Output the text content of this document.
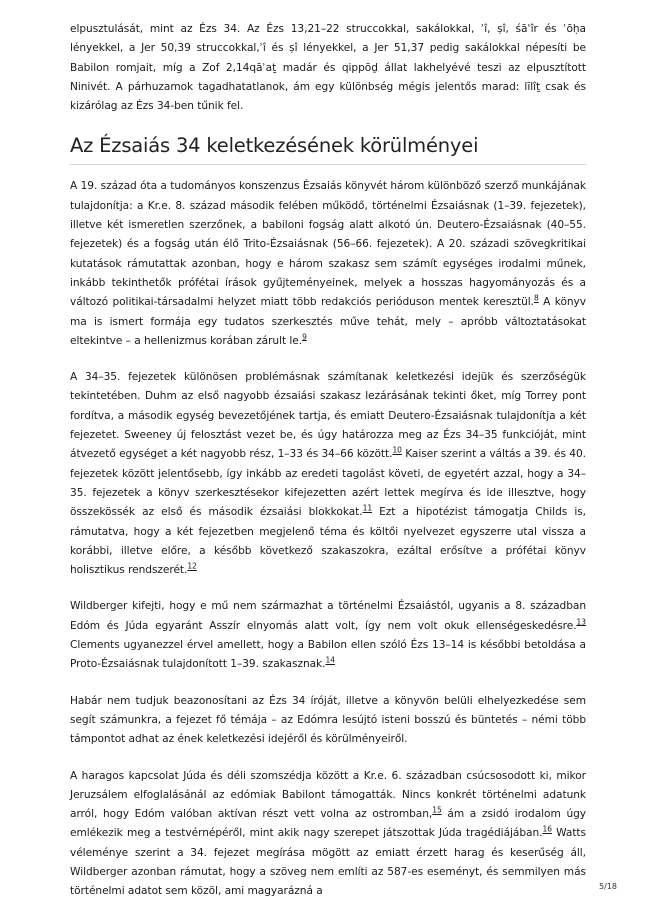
elpusztulását, mint az Ézs 34. Az Ézs 13,21–22 struccokkal, sakálokkal, ʾî, ṣî, śāʿîr és ʾōḥa lényekkel, a Jer 50,39 struccokkal,ʾî és ṣî lényekkel, a Jer 51,37 pedig sakálokkal népesíti be Babilon romjait, míg a Zof 2,14qāʾaṯ madár és qippōḏ állat lakhelyévé teszi az elpusztított Ninivét. A párhuzamok tagadhatatlanok, ám egy különbség mégis jelentős marad: līlîṯ csak és kizárólag az Ézs 34-ben tűnik fel.

Az Ézsaiás 34 keletkezésének körülményei

A 19. század óta a tudományos konszenzus Ézsaiás könyvét három különböző szerző munkájának tulajdonítja: a Kr.e. 8. század második felében működő, történelmi Ézsaiásnak (1–39. fejezetek), illetve két ismeretlen szerzőnek, a babiloni fogság alatt alkotó ún. Deutero-Ézsaiásnak (40–55. fejezetek) és a fogság után élő Trito-Ézsaiásnak (56–66. fejezetek). A 20. századi szövegkritikai kutatások rámutattak azonban, hogy e három szakasz sem számít egységes irodalmi műnek, inkább tekinthetők prófétai írások gyűjteményeinek, melyek a hosszas hagyományozás és a változó politikai-társadalmi helyzet miatt több redakciós perióduson mentek keresztül.$^8$ A könyv ma is ismert formája egy tudatos szerkesztés műve tehát, mely – apróbb változtatásokat eltekintve – a hellenizmus korában zárult le.$^9$

A 34–35. fejezetek különösen problémásnak számítanak keletkezési idejük és szerzőségük tekintetében. Duhm az első nagyobb ézsaiási szakasz lezárásának tekinti őket, míg Torrey pont fordítva, a második egység bevezetőjének tartja, és emiatt Deutero-Ézsaiásnak tulajdonítja a két fejezetet. Sweeney új felosztást vezet be, és úgy határozza meg az Ézs 34–35 funkcióját, mint átvezető egységet a két nagyobb rész, 1–33 és 34–66 között.$^{10}$ Kaiser szerint a váltás a 39. és 40. fejezetek között jelentősebb, így inkább az eredeti tagolást követi, de egyetért azzal, hogy a 34–35. fejezetek a könyv szerkesztésekor kifejezetten azért lettek megírva és ide illesztve, hogy összekössék az első és második ézsaiási blokkokat.$^{11}$ Ezt a hipotézist támogatja Childs is, rámutatva, hogy a két fejezetben megjelenő téma és költői nyelvezet egyszerre utal vissza a korábbi, illetve előre, a később következő szakaszokra, ezáltal erősítve a prófétai könyv holisztikus rendszerét.$^{12}$

Wildberger kifejti, hogy e mű nem származhat a történelmi Ézsaiástól, ugyanis a 8. században Edóm és Júda egyaránt Asszír elnyomás alatt volt, így nem volt okuk ellenségeskedésre.$^{13}$ Clements ugyanezzel érvel amellett, hogy a Babilon ellen szóló Ézs 13–14 is későbbi betoldása a Proto-Ézsaiásnak tulajdonított 1–39. szakasznak.$^{14}$

Habár nem tudjuk beazonosítani az Ézs 34 íróját, illetve a könyvön belüli elhelyezkedése sem segít számunkra, a fejezet fő témája – az Edómra lesújtó isteni bosszú és büntetés – némi több támpontot adhat az ének keletkezési idejéről és körülményeiről.

A haragos kapcsolat Júda és déli szomszédja között a Kr.e. 6. században csúcsosodott ki, mikor Jeruzsálem elfoglalásánál az edómiak Babilont támogatták. Nincs konkrét történelmi adatunk arról, hogy Edóm valóban aktívan részt vett volna az ostromban,$^{15}$ ám a zsidó irodalom úgy emlékezik meg a testvérnépéről, mint akik nagy szerepet játszottak Júda tragédiájában.$^{16}$ Watts véleménye szerint a 34. fejezet megírása mögött az emiatt érzett harag és keserűség áll, Wildberger azonban rámutat, hogy a szöveg nem említi az 587-es eseményt, és semmilyen más történelmi adatot sem közöl, ami magyarázná a	5/18
